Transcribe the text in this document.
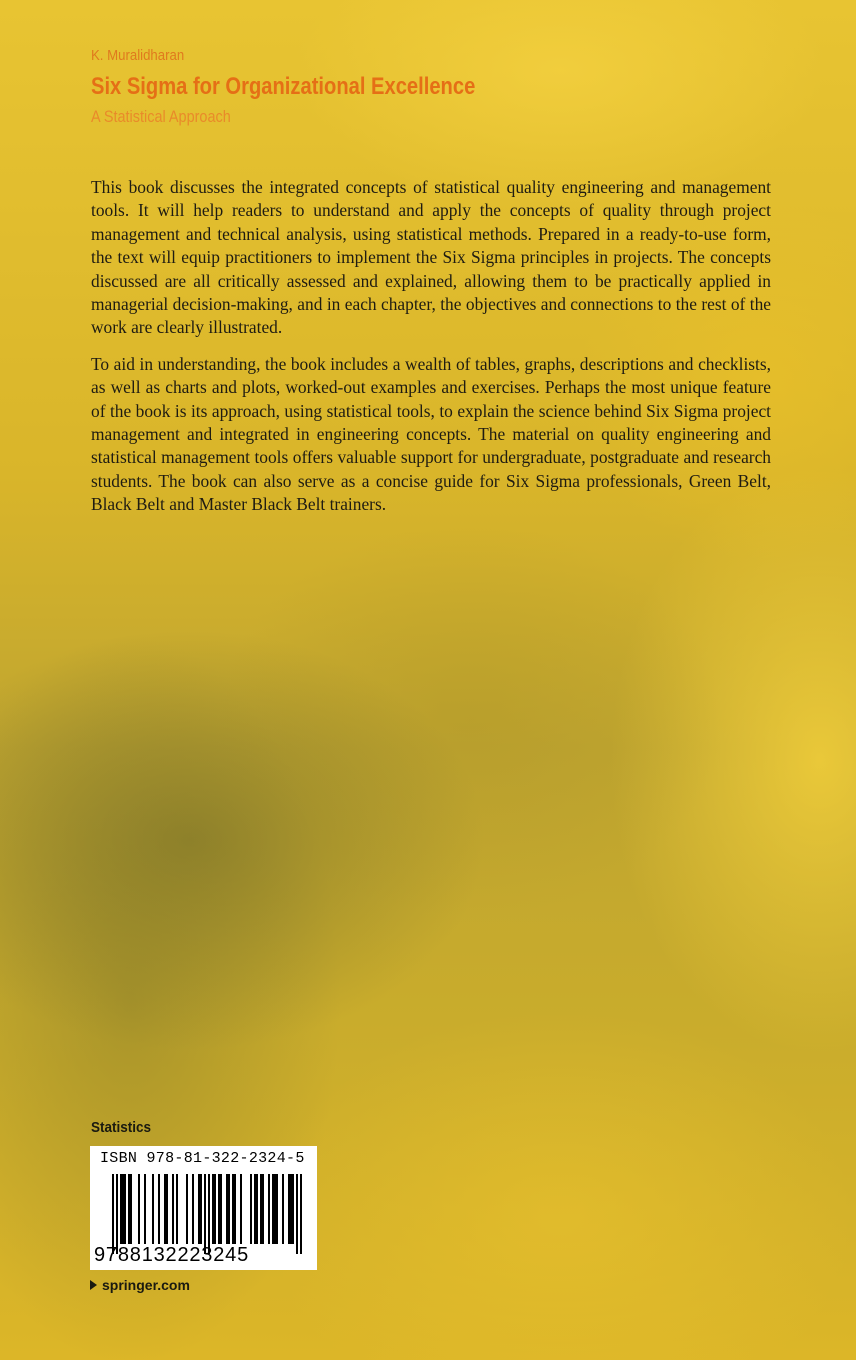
K. Muralidharan

Six Sigma for Organizational Excellence

A Statistical Approach

This book discusses the integrated concepts of statistical quality engineering and management tools. It will help readers to understand and apply the concepts of quality through project management and technical analysis, using statistical methods. Prepared in a ready-to-use form, the text will equip practitioners to implement the Six Sigma principles in projects. The concepts discussed are all critically assessed and explained, allowing them to be practically applied in managerial decision-making, and in each chapter, the objectives and connections to the rest of the work are clearly illustrated.

To aid in understanding, the book includes a wealth of tables, graphs, descriptions and checklists, as well as charts and plots, worked-out examples and exercises. Perhaps the most unique feature of the book is its approach, using statistical tools, to explain the science behind Six Sigma project management and integrated in engineering concepts. The material on quality engineering and statistical management tools offers valuable support for undergraduate, postgraduate and research students. The book can also serve as a concise guide for Six Sigma professionals, Green Belt, Black Belt and Master Black Belt trainers.

Statistics

ISBN 978-81-322-2324-5
9788132223245
springer.com
